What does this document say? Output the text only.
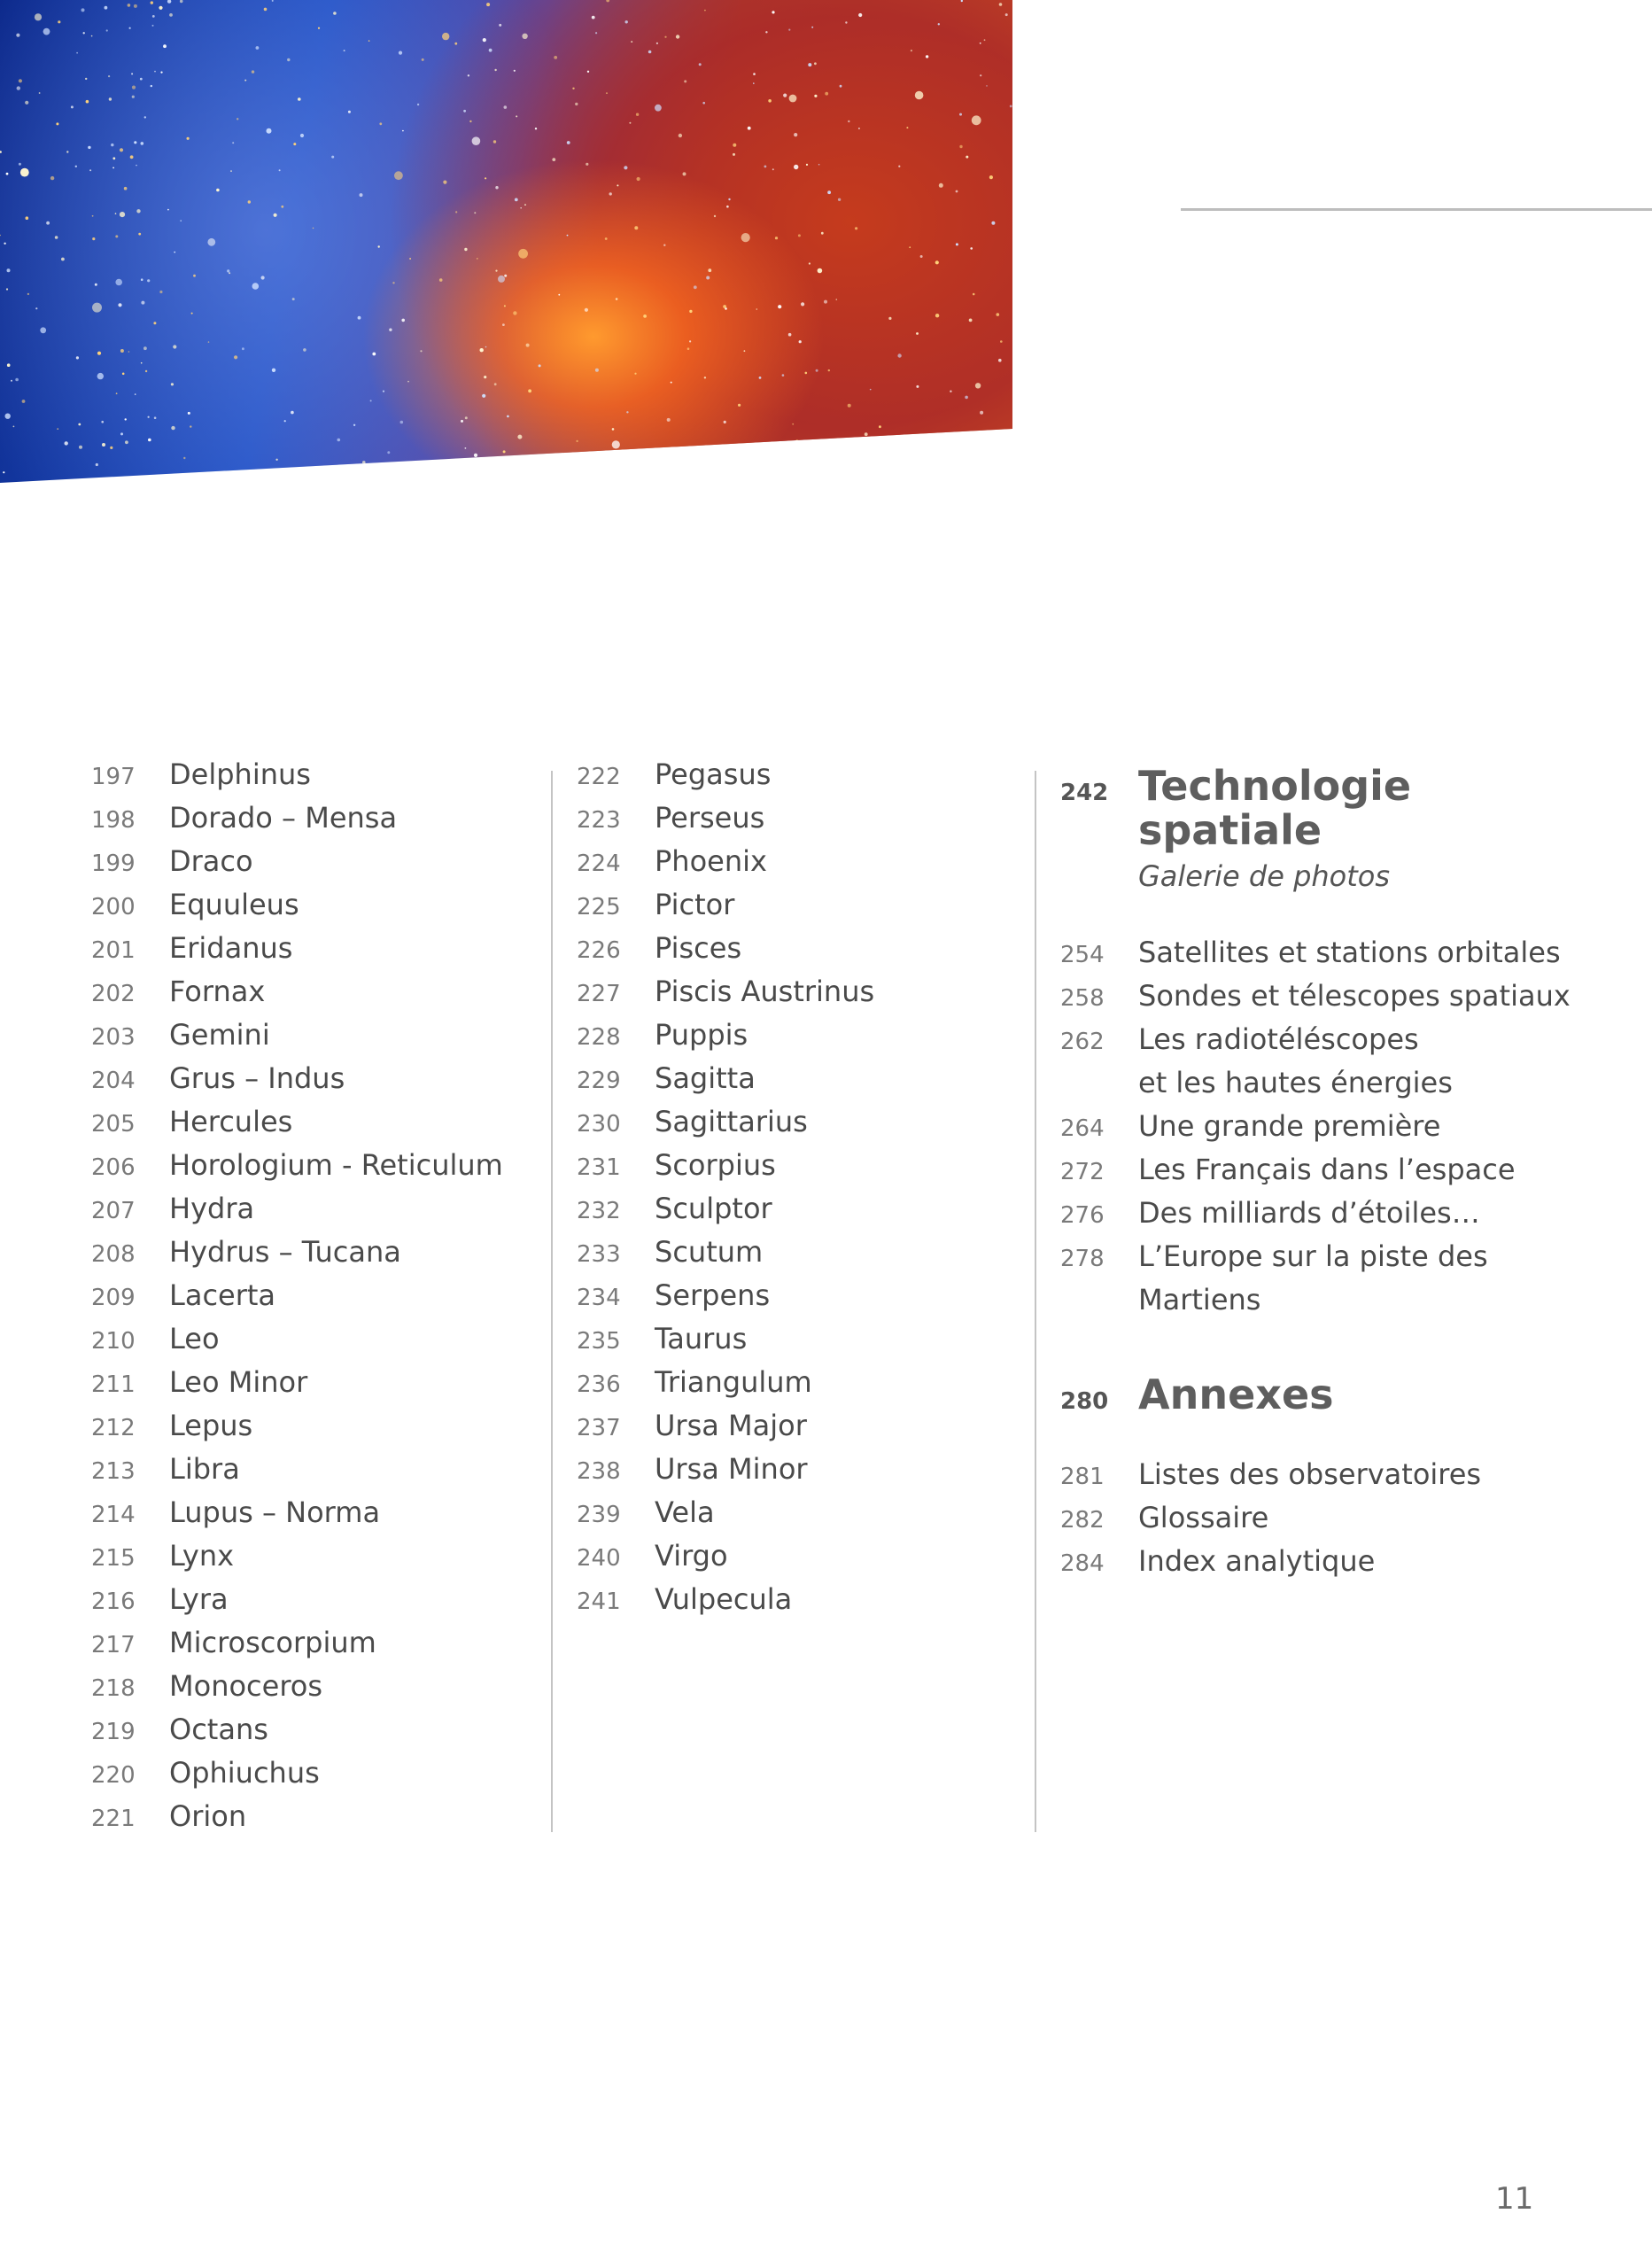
197	Delphinus
198	Dorado – Mensa
199	Draco
200	Equuleus
201	Eridanus
202	Fornax
203	Gemini
204	Grus – Indus
205	Hercules
206	Horologium - Reticulum
207	Hydra
208	Hydrus – Tucana
209	Lacerta
210	Leo
211	Leo Minor
212	Lepus
213	Libra
214	Lupus – Norma
215	Lynx
216	Lyra
217	Microscorpium
218	Monoceros
219	Octans
220	Ophiuchus
221	Orion
222	Pegasus
223	Perseus
224	Phoenix
225	Pictor
226	Pisces
227	Piscis Austrinus
228	Puppis
229	Sagitta
230	Sagittarius
231	Scorpius
232	Sculptor
233	Scutum
234	Serpens
235	Taurus
236	Triangulum
237	Ursa Major
238	Ursa Minor
239	Vela
240	Virgo
241	Vulpecula
242 Technologie
spatiale
Galerie de photos
254	Satellites et stations orbitales
258	Sondes et télescopes spatiaux
262	Les radiotéléscopes
et les hautes énergies
264	Une grande première
272	Les Français dans l’espace
276	Des milliards d’étoiles…
278	L’Europe sur la piste des
Martiens
280 Annexes
281	Listes des observatoires
282	Glossaire
284	Index analytique
11
